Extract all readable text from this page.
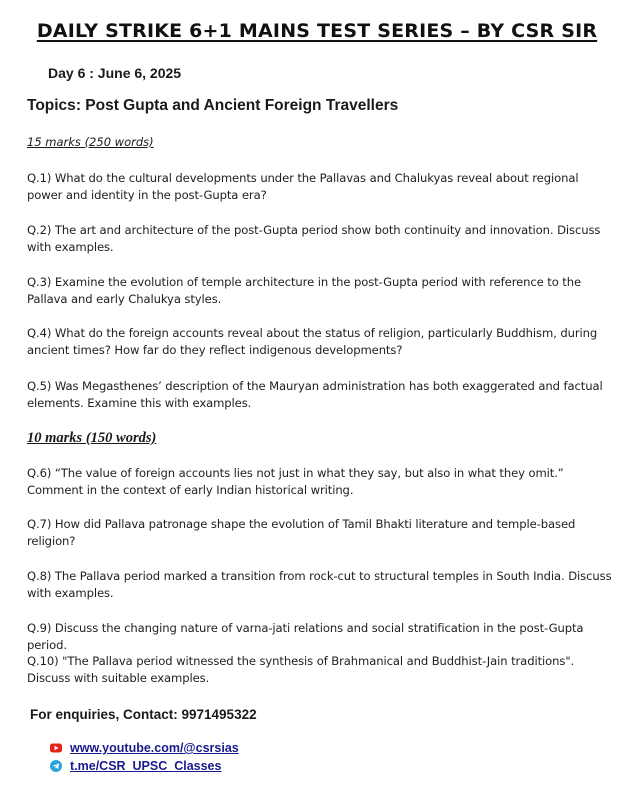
DAILY STRIKE 6+1 MAINS TEST SERIES – BY CSR SIR
Day 6 : June 6, 2025
Topics: Post Gupta and Ancient Foreign Travellers
15 marks (250 words)
Q.1) What do the cultural developments under the Pallavas and Chalukyas reveal about regional power and identity in the post-Gupta era?
Q.2) The art and architecture of the post-Gupta period show both continuity and innovation. Discuss with examples.
Q.3) Examine the evolution of temple architecture in the post-Gupta period with reference to the Pallava and early Chalukya styles.
Q.4) What do the foreign accounts reveal about the status of religion, particularly Buddhism, during ancient times? How far do they reflect indigenous developments?
Q.5) Was Megasthenes’ description of the Mauryan administration has both exaggerated and factual elements. Examine this with examples.
10 marks (150 words)
Q.6) “The value of foreign accounts lies not just in what they say, but also in what they omit.” Comment in the context of early Indian historical writing.
Q.7) How did Pallava patronage shape the evolution of Tamil Bhakti literature and temple-based religion?
Q.8) The Pallava period marked a transition from rock-cut to structural temples in South India. Discuss with examples.
Q.9) Discuss the changing nature of varna-jati relations and social stratification in the post-Gupta period.
Q.10) "The Pallava period witnessed the synthesis of Brahmanical and Buddhist-Jain traditions". Discuss with suitable examples.
For enquiries, Contact: 9971495322
www.youtube.com/@csrsias
t.me/CSR_UPSC_Classes
